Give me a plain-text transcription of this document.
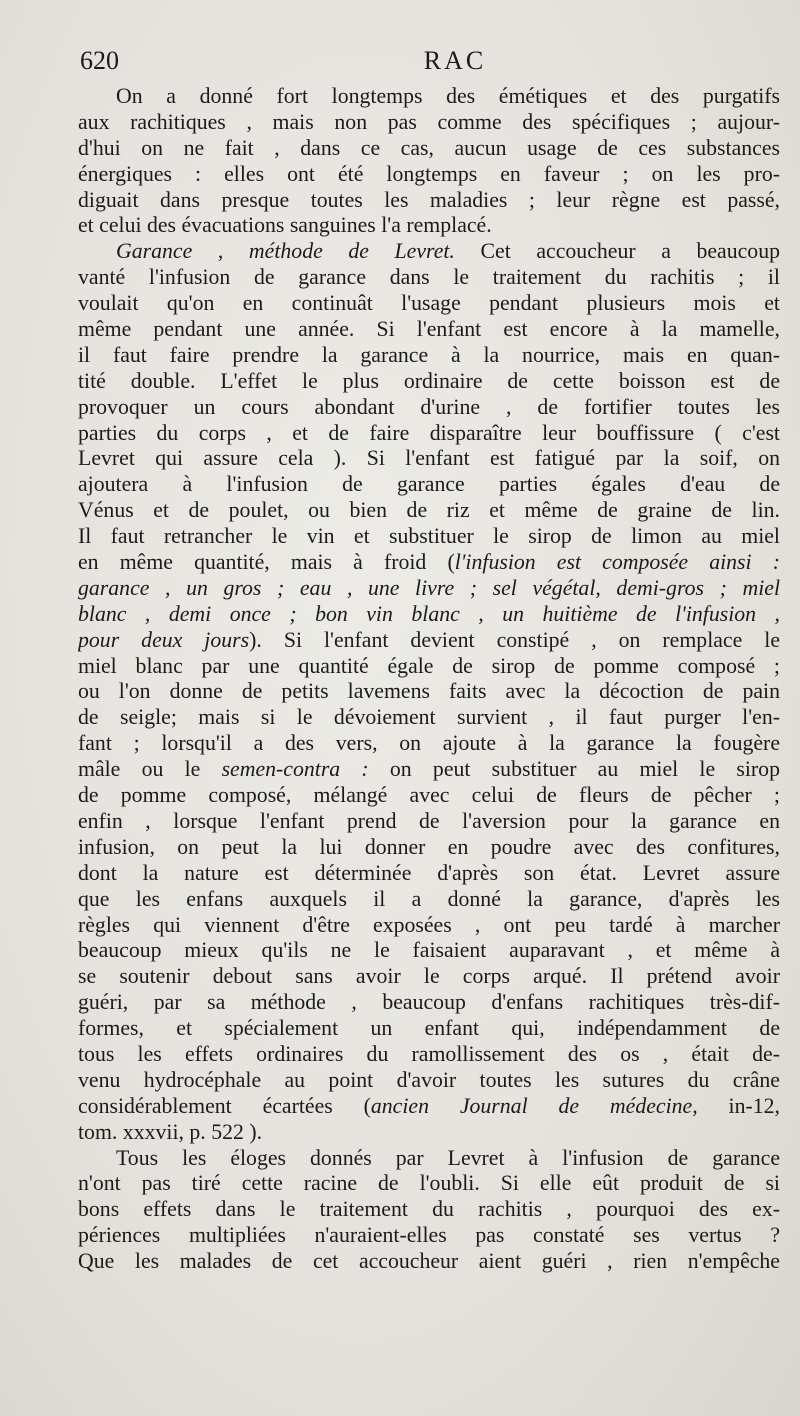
620	RAC
On a donné fort longtemps des émétiques et des purgatifs
aux rachitiques , mais non pas comme des spécifiques ; aujour-
d'hui on ne fait , dans ce cas, aucun usage de ces substances
énergiques : elles ont été longtemps en faveur ; on les pro-
diguait dans presque toutes les maladies ; leur règne est passé,
et celui des évacuations sanguines l'a remplacé.
Garance , méthode de Levret. Cet accoucheur a beaucoup
vanté l'infusion de garance dans le traitement du rachitis ; il
voulait qu'on en continuât l'usage pendant plusieurs mois et
même pendant une année. Si l'enfant est encore à la mamelle,
il faut faire prendre la garance à la nourrice, mais en quan-
tité double. L'effet le plus ordinaire de cette boisson est de
provoquer un cours abondant d'urine , de fortifier toutes les
parties du corps , et de faire disparaître leur bouffissure ( c'est
Levret qui assure cela ). Si l'enfant est fatigué par la soif, on
ajoutera à l'infusion de garance parties égales d'eau de
Vénus et de poulet, ou bien de riz et même de graine de lin.
Il faut retrancher le vin et substituer le sirop de limon au miel
en même quantité, mais à froid (l'infusion est composée ainsi :
garance , un gros ; eau , une livre ; sel végétal, demi-gros ; miel
blanc , demi once ; bon vin blanc , un huitième de l'infusion ,
pour deux jours). Si l'enfant devient constipé , on remplace le
miel blanc par une quantité égale de sirop de pomme composé ;
ou l'on donne de petits lavemens faits avec la décoction de pain
de seigle; mais si le dévoiement survient , il faut purger l'en-
fant ; lorsqu'il a des vers, on ajoute à la garance la fougère
mâle ou le semen-contra : on peut substituer au miel le sirop
de pomme composé, mélangé avec celui de fleurs de pêcher ;
enfin , lorsque l'enfant prend de l'aversion pour la garance en
infusion, on peut la lui donner en poudre avec des confitures,
dont la nature est déterminée d'après son état. Levret assure
que les enfans auxquels il a donné la garance, d'après les
règles qui viennent d'être exposées , ont peu tardé à marcher
beaucoup mieux qu'ils ne le faisaient auparavant , et même à
se soutenir debout sans avoir le corps arqué. Il prétend avoir
guéri, par sa méthode , beaucoup d'enfans rachitiques très-dif-
formes, et spécialement un enfant qui, indépendamment de
tous les effets ordinaires du ramollissement des os , était de-
venu hydrocéphale au point d'avoir toutes les sutures du crâne
considérablement écartées (ancien Journal de médecine, in-12,
tom. xxxvii, p. 522 ).
Tous les éloges donnés par Levret à l'infusion de garance
n'ont pas tiré cette racine de l'oubli. Si elle eût produit de si
bons effets dans le traitement du rachitis , pourquoi des ex-
périences multipliées n'auraient-elles pas constaté ses vertus ?
Que les malades de cet accoucheur aient guéri , rien n'empêche
